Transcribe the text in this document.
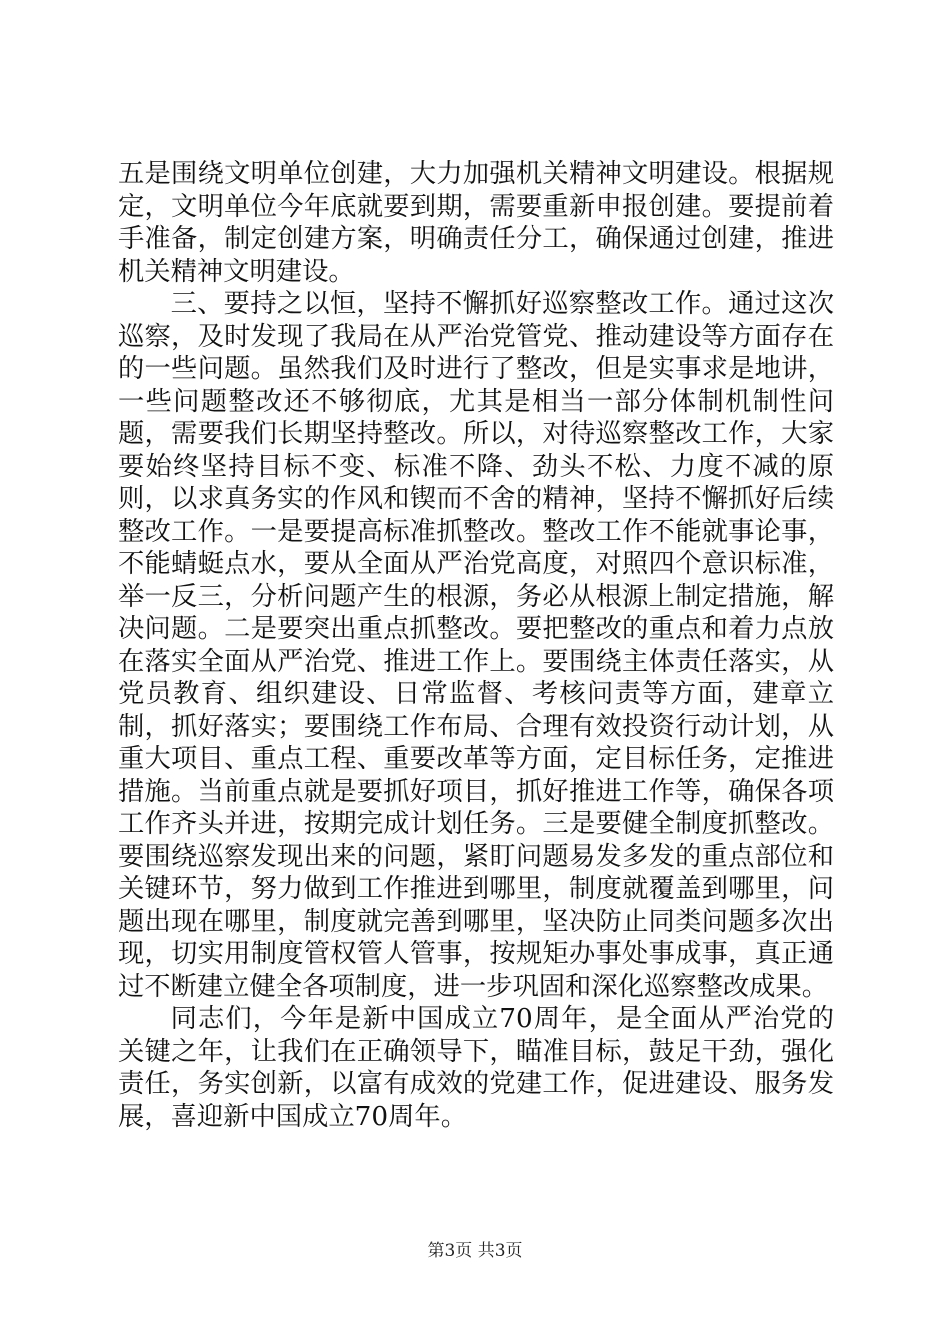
五是围绕文明单位创建，大力加强机关精神文明建设。根据规定，文明单位今年底就要到期，需要重新申报创建。要提前着手准备，制定创建方案，明确责任分工，确保通过创建，推进机关精神文明建设。

三、要持之以恒，坚持不懈抓好巡察整改工作。通过这次巡察，及时发现了我局在从严治党管党、推动建设等方面存在的一些问题。虽然我们及时进行了整改，但是实事求是地讲，一些问题整改还不够彻底，尤其是相当一部分体制机制性问题，需要我们长期坚持整改。所以，对待巡察整改工作，大家要始终坚持目标不变、标准不降、劲头不松、力度不减的原则，以求真务实的作风和锲而不舍的精神，坚持不懈抓好后续整改工作。一是要提高标准抓整改。整改工作不能就事论事，不能蜻蜓点水，要从全面从严治党高度，对照四个意识标准，举一反三，分析问题产生的根源，务必从根源上制定措施，解决问题。二是要突出重点抓整改。要把整改的重点和着力点放在落实全面从严治党、推进工作上。要围绕主体责任落实，从党员教育、组织建设、日常监督、考核问责等方面，建章立制，抓好落实；要围绕工作布局、合理有效投资行动计划，从重大项目、重点工程、重要改革等方面，定目标任务，定推进措施。当前重点就是要抓好项目，抓好推进工作等，确保各项工作齐头并进，按期完成计划任务。三是要健全制度抓整改。要围绕巡察发现出来的问题，紧盯问题易发多发的重点部位和关键环节，努力做到工作推进到哪里，制度就覆盖到哪里，问题出现在哪里，制度就完善到哪里，坚决防止同类问题多次出现，切实用制度管权管人管事，按规矩办事处事成事，真正通过不断建立健全各项制度，进一步巩固和深化巡察整改成果。

同志们，今年是新中国成立70周年，是全面从严治党的关键之年，让我们在正确领导下，瞄准目标，鼓足干劲，强化责任，务实创新，以富有成效的党建工作，促进建设、服务发展，喜迎新中国成立70周年。

第3页 共3页
